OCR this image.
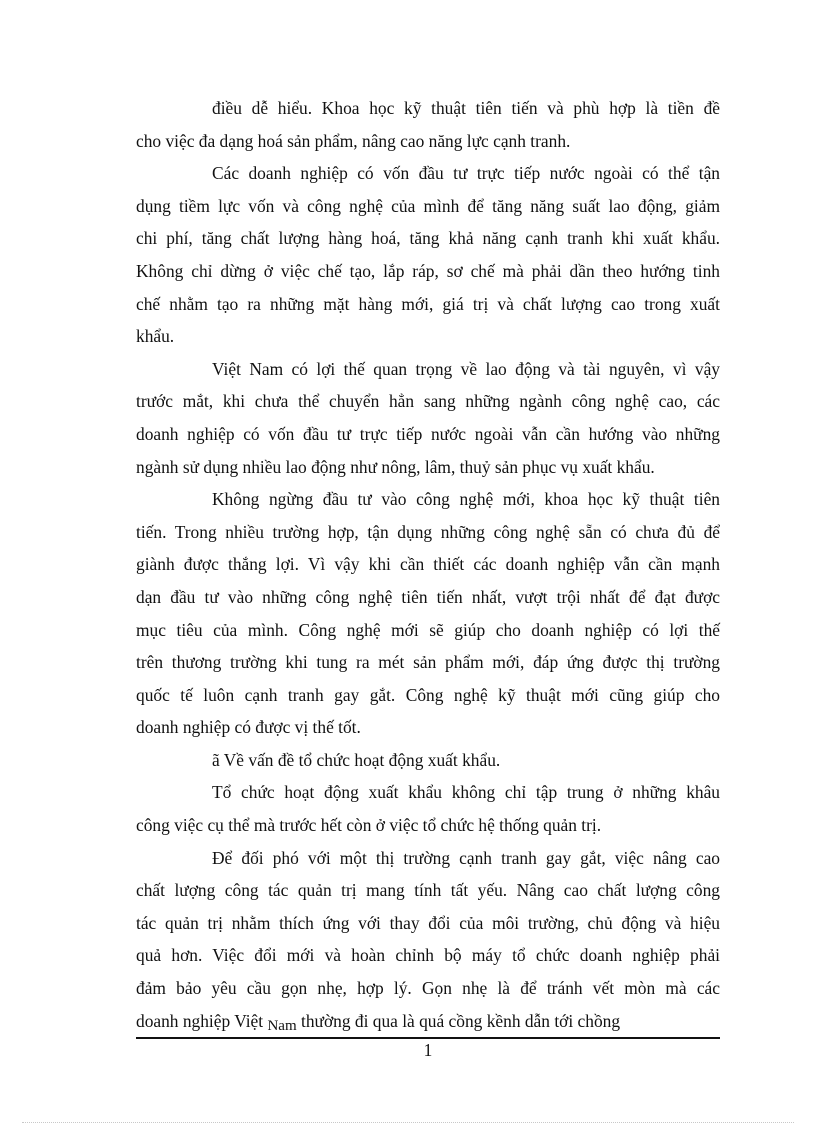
điều dễ hiểu. Khoa học kỹ thuật tiên tiến và phù hợp là tiền đề
cho việc đa dạng hoá sản phẩm, nâng cao năng lực cạnh tranh.
Các doanh nghiệp có vốn đầu tư trực tiếp nước ngoài có thể tận
dụng tiềm lực vốn và công nghệ của mình để tăng năng suất lao động, giảm
chi phí, tăng chất lượng hàng hoá, tăng khả năng cạnh tranh khi xuất khẩu.
Không chỉ dừng ở việc chế tạo, lắp ráp, sơ chế mà phải dần theo hướng tinh
chế nhằm tạo ra những mặt hàng mới, giá trị và chất lượng cao trong xuất
khẩu.
Việt Nam có lợi thế quan trọng về lao động và tài nguyên, vì vậy
trước mắt, khi chưa thể chuyển hẳn sang những ngành công nghệ cao, các
doanh nghiệp có vốn đầu tư trực tiếp nước ngoài vẫn cần hướng vào những
ngành sử dụng nhiều lao động như nông, lâm, thuỷ sản phục vụ xuất khẩu.
Không ngừng đầu tư vào công nghệ mới, khoa học kỹ thuật tiên
tiến. Trong nhiều trường hợp, tận dụng những công nghệ sẵn có chưa đủ để
giành được thắng lợi. Vì vậy khi cần thiết các doanh nghiệp vẫn cần mạnh
dạn đầu tư vào những công nghệ tiên tiến nhất, vượt trội nhất để đạt được
mục tiêu của mình. Công nghệ mới sẽ giúp cho doanh nghiệp có lợi thế
trên thương trường khi tung ra mét sản phẩm mới, đáp ứng được thị trường
quốc tế luôn cạnh tranh gay gắt. Công nghệ kỹ thuật mới cũng giúp cho
doanh nghiệp có được vị thế tốt.
ã Về vấn đề tổ chức hoạt động xuất khẩu.
Tổ chức hoạt động xuất khẩu không chỉ tập trung ở những khâu
công việc cụ thể mà trước hết còn ở việc tổ chức hệ thống quản trị.
Để đối phó với một thị trường cạnh tranh gay gắt, việc nâng cao
chất lượng công tác quản trị mang tính tất yếu. Nâng cao chất lượng công
tác quản trị nhằm thích ứng với thay đổi của môi trường, chủ động và hiệu
quả hơn. Việc đổi mới và hoàn chỉnh bộ máy tổ chức doanh nghiệp phải
đảm bảo yêu cầu gọn nhẹ, hợp lý. Gọn nhẹ là để tránh vết mòn mà các
doanh nghiệp Việt Nam thường đi qua là quá cồng kềnh dẫn tới chồng
1
